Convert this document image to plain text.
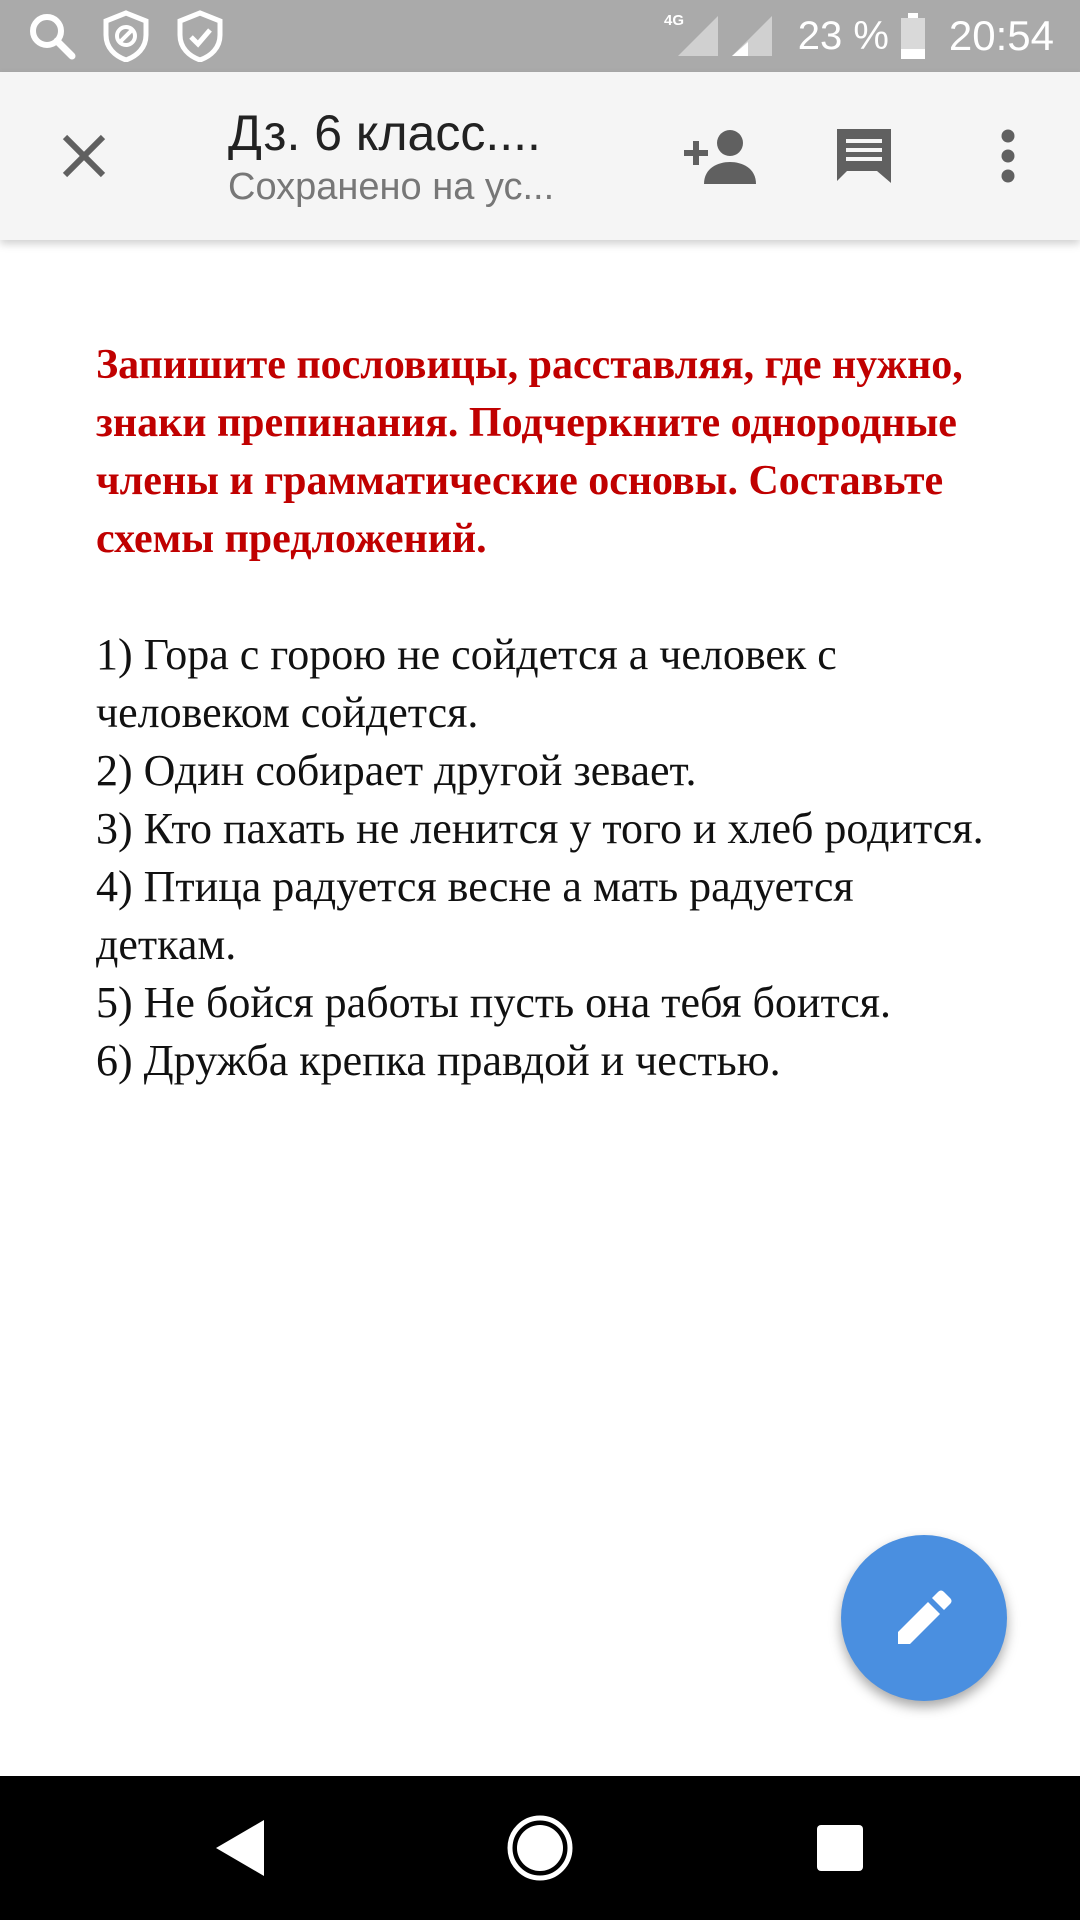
4G	23 % 20:54
Дз. 6 класс....
Сохранено на ус...

Запишите пословицы, расставляя, где нужно, знаки препинания. Подчеркните однородные члены и грамматические основы. Составьте схемы предложений.

1) Гора с горою не сойдется а человек с человеком сойдется.

2) Один собирает другой зевает.

3) Кто пахать не ленится у того и хлеб родится.

4) Птица радуется весне а мать радуется деткам.

5) Не бойся работы пусть она тебя боится.

6) Дружба крепка правдой и честью.
